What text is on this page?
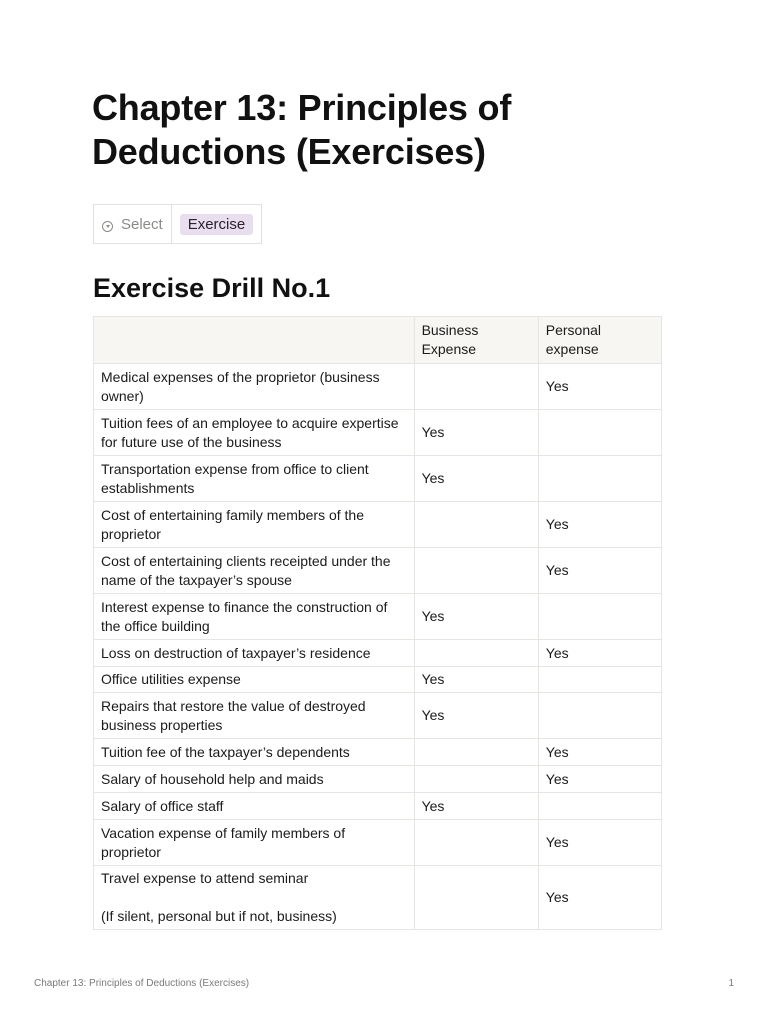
Chapter 13: Principles of Deductions (Exercises)
Select	Exercise
Exercise Drill No.1
	Business Expense	Personal expense
Medical expenses of the proprietor (business owner)		Yes
Tuition fees of an employee to acquire expertise for future use of the business	Yes	
Transportation expense from office to client establishments	Yes	
Cost of entertaining family members of the proprietor		Yes
Cost of entertaining clients receipted under the name of the taxpayer’s spouse		Yes
Interest expense to finance the construction of the office building	Yes	
Loss on destruction of taxpayer’s residence		Yes
Office utilities expense	Yes	
Repairs that restore the value of destroyed business properties	Yes	
Tuition fee of the taxpayer’s dependents		Yes
Salary of household help and maids		Yes
Salary of office staff	Yes	
Vacation expense of family members of proprietor		Yes
Travel expense to attend seminar
(If silent, personal but if not, business)		Yes
Chapter 13: Principles of Deductions (Exercises)	1
